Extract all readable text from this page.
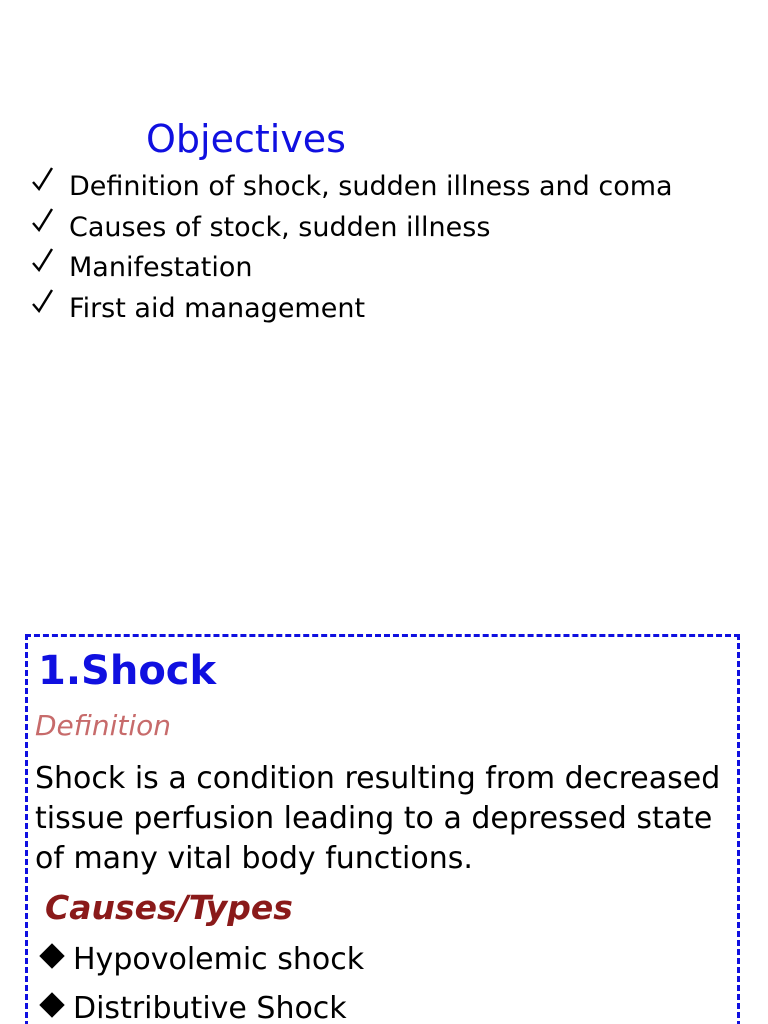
Objectives
Definition of shock, sudden illness and coma
Causes of stock, sudden illness
Manifestation
First aid management
1.Shock
Definition
Shock is a condition resulting from decreased tissue perfusion leading to a depressed state of many vital body functions.
Causes/Types
Hypovolemic shock
Distributive Shock
